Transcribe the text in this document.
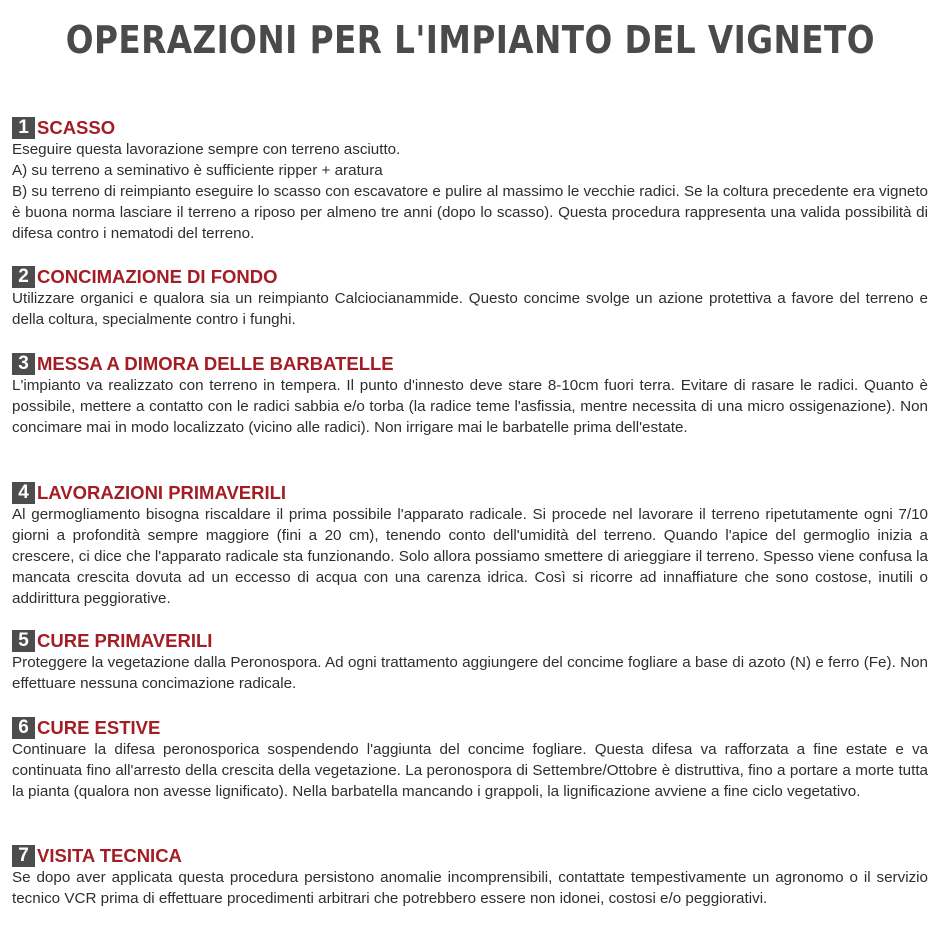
OPERAZIONI PER L'IMPIANTO DEL VIGNETO
1 SCASSO

Eseguire questa lavorazione sempre con terreno asciutto.

A) su terreno a seminativo è sufficiente ripper + aratura

B) su terreno di reimpianto eseguire lo scasso con escavatore e pulire al massimo le vecchie radici. Se la coltura precedente era vigneto è buona norma lasciare il terreno a riposo per almeno tre anni (dopo lo scasso). Questa procedura rappresenta una valida possibilità di difesa contro i nematodi del terreno.

2 CONCIMAZIONE DI FONDO

Utilizzare organici e qualora sia un reimpianto Calciocianammide. Questo concime svolge un azione protettiva a favore del terreno e della coltura, specialmente contro i funghi.

3 MESSA A DIMORA DELLE BARBATELLE

L'impianto va realizzato con terreno in tempera. Il punto d'innesto deve stare 8-10cm fuori terra. Evitare di rasare le radici. Quanto è possibile, mettere a contatto con le radici sabbia e/o torba (la radice teme l'asfissia, mentre necessita di una micro ossigenazione). Non concimare mai in modo localizzato (vicino alle radici). Non irrigare mai le barbatelle prima dell'estate.

4 LAVORAZIONI PRIMAVERILI

Al germogliamento bisogna riscaldare il prima possibile l'apparato radicale. Si procede nel lavorare il terreno ripetutamente ogni 7/10 giorni a profondità sempre maggiore (fini a 20 cm), tenendo conto dell'umidità del terreno. Quando l'apice del germoglio inizia a crescere, ci dice che l'apparato radicale sta funzionando. Solo allora possiamo smettere di arieggiare il terreno. Spesso viene confusa la mancata crescita dovuta ad un eccesso di acqua con una carenza idrica. Così si ricorre ad innaffiature che sono costose, inutili o addirittura peggiorative.

5 CURE PRIMAVERILI

Proteggere la vegetazione dalla Peronospora. Ad ogni trattamento aggiungere del concime fogliare a base di azoto (N) e ferro (Fe). Non effettuare nessuna concimazione radicale.

6 CURE ESTIVE

Continuare la difesa peronosporica sospendendo l'aggiunta del concime fogliare. Questa difesa va rafforzata a fine estate e va continuata fino all'arresto della crescita della vegetazione. La peronospora di Settembre/Ottobre è distruttiva, fino a portare a morte tutta la pianta (qualora non avesse lignificato). Nella barbatella mancando i grappoli, la lignificazione avviene a fine ciclo vegetativo.

7 VISITA TECNICA

Se dopo aver applicata questa procedura persistono anomalie incomprensibili, contattate tempestivamente un agronomo o il servizio tecnico VCR prima di effettuare procedimenti arbitrari che potrebbero essere non idonei, costosi e/o peggiorativi.
